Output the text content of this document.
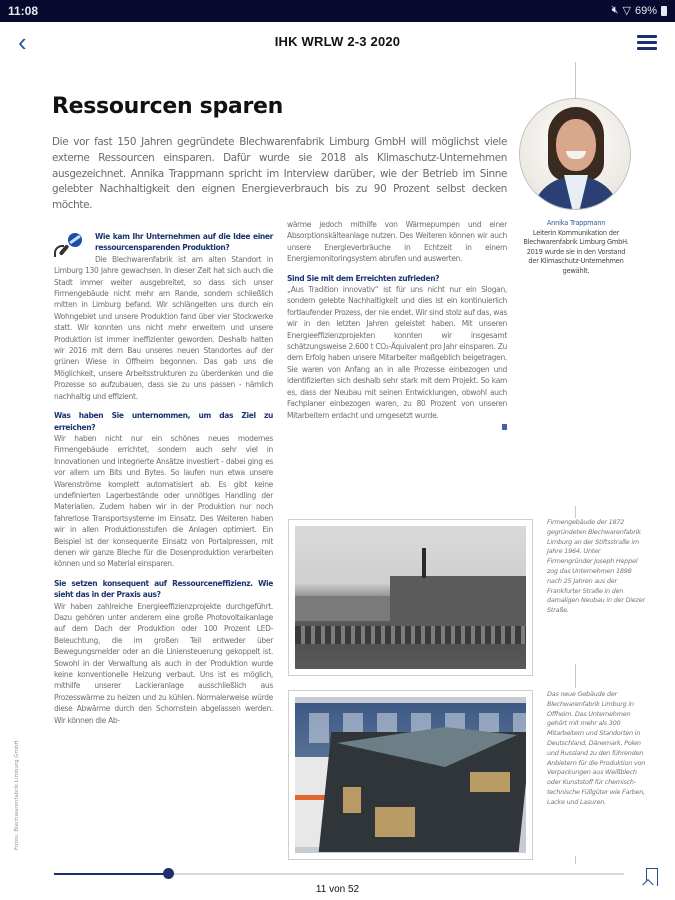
11:08	🔇︎ ▽ 69%
‹	IHK WRLW 2-3 2020
Ressourcen sparen

Die vor fast 150 Jahren gegründete Blechwarenfabrik Limburg GmbH will möglichst viele externe Ressourcen einsparen. Dafür wurde sie 2018 als Klimaschutz-Unternehmen ausgezeichnet. Annika Trappmann spricht im Interview darüber, wie der Betrieb im Sinne gelebter Nachhaltigkeit den eignen Energieverbrauch bis zu 90 Prozent selbst decken möchte.

Annika Trappmann
Leiterin Kommunikation der Blechwarenfabrik Limburg GmbH. 2019 wurde sie in den Vorstand der Klimaschutz-Unternehmen gewählt.

Wie kam Ihr Unternehmen auf die Idee einer ressourcensparenden Produktion?

Die Blechwarenfabrik ist am alten Standort in Limburg 130 Jahre gewachsen. In dieser Zeit hat sich auch die Stadt immer weiter ausgebreitet, so dass sich unser Firmengebäude nicht mehr am Rande, sondern schließlich mitten in Limburg befand. Wir schlängelten uns durch ein Wohngebiet und unsere Produktion fand über vier Stockwerke statt. Wir konnten uns nicht mehr erweitern und unsere Produktion ist immer ineffizienter geworden. Deshalb hatten wir 2016 mit dem Bau unseres neuen Standortes auf der grünen Wiese in Offheim begonnen. Das gab uns die Möglichkeit, unsere Arbeitsstrukturen zu überdenken und die Prozesse so aufzubauen, dass sie zu uns passen - nämlich nachhaltig und effizient.

Was haben Sie unternommen, um das Ziel zu erreichen?

Wir haben nicht nur ein schönes neues modernes Firmengebäude errichtet, sondern auch sehr viel in Innovationen und integrierte Ansätze investiert - dabei ging es vor allem um Bits und Bytes. So laufen nun etwa unsere Warenströme komplett automatisiert ab. Es gibt keine undefinierten Lagerbestände oder unnötiges Handling der Materialien. Zudem haben wir in der Produktion nur noch fahrerlose Transportsysteme im Einsatz. Des Weiteren haben wir in allen Produktionsstufen die Anlagen optimiert. Ein Beispiel ist der konsequente Einsatz von Portalpressen, mit denen wir ganze Bleche für die Dosenproduktion verarbeiten können und so Material einsparen.

Sie setzen konsequent auf Ressourceneffizienz. Wie sieht das in der Praxis aus?

Wir haben zahlreiche Energieeffizienzprojekte durchgeführt. Dazu gehören unter anderem eine große Photovoltaikanlage auf dem Dach der Produktion oder 100 Prozent LED-Beleuchtung, die im großen Teil entweder über Bewegungsmelder oder an die Liniensteuerung gekoppelt ist. Sowohl in der Verwaltung als auch in der Produktion wurde keine konventionelle Heizung verbaut. Uns ist es möglich, mithilfe unserer Lackieranlage ausschließlich aus Prozesswärme zu heizen und zu kühlen. Normalerweise würde diese Abwärme durch den Schornstein abgelassen werden. Wir können die Ab-

wärme jedoch mithilfe von Wärmepumpen und einer Absorptionskälteanlage nutzen. Des Weiteren können wir auch unsere Energieverbräuche in Echtzeit in einem Energiemonitoringsystem abrufen und auswerten.

Sind Sie mit dem Erreichten zufrieden?

„Aus Tradition innovativ“ ist für uns nicht nur ein Slogan, sondern gelebte Nachhaltigkeit und dies ist ein kontinuierlich fortlaufender Prozess, der nie endet. Wir sind stolz auf das, was wir in den letzten Jahren geleistet haben. Mit unseren Energieeffizienzprojekten konnten wir insgesamt schätzungsweise 2.600 t CO₂-Äquivalent pro Jahr einsparen. Zu dem Erfolg haben unsere Mitarbeiter maßgeblich beigetragen. Sie waren von Anfang an in alle Prozesse einbezogen und identifizierten sich deshalb sehr stark mit dem Projekt. So kam es, dass der Neubau mit seinen Entwicklungen, obwohl auch Fachplaner einbezogen waren, zu 80 Prozent von unseren Mitarbeitern erdacht und umgesetzt wurde.

Firmengebäude der 1872 gegründeten Blechwarenfabrik Limburg an der Stiftsstraße im Jahre 1964. Unter Firmengründer Joseph Heppel zog das Unternehmen 1898 nach 25 Jahren aus der Frankfurter Straße in den damaligen Neubau in der Diezer Straße.
Das neue Gebäude der Blechwarenfabrik Limburg in Offheim. Das Unternehmen gehört mit mehr als 300 Mitarbeitern und Standorten in Deutschland, Dänemark, Polen und Russland zu den führenden Anbietern für die Produktion von Verpackungen aus Weißblech oder Kunststoff für chemisch-technische Füllgüter wie Farben, Lacke und Lasuren.
Fotos: Blechwarenfabrik Limburg GmbH
11 von 52
